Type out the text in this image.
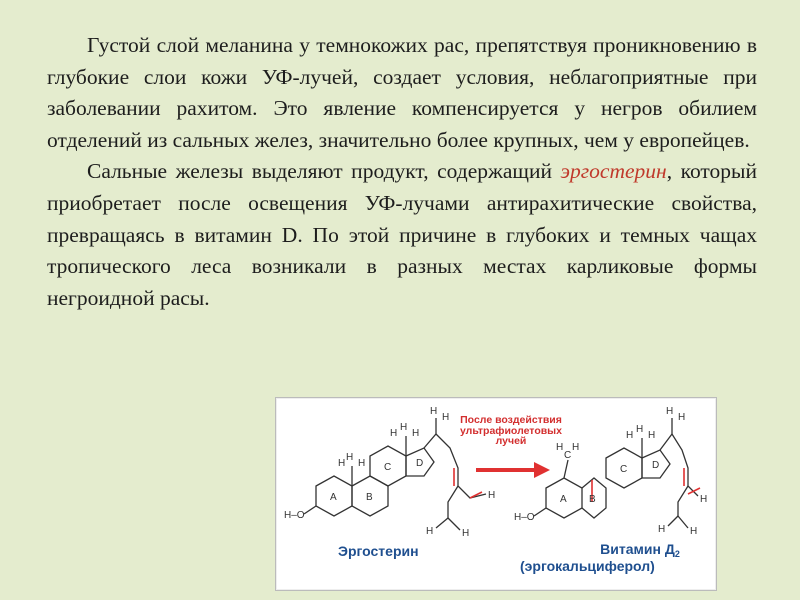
Густой слой меланина у темнокожих рас, препятствуя проникновению в глубокие слои кожи УФ-лучей, создает условия, неблагоприятные при заболевании рахитом. Это явление компенсируется у негров обилием отделений из сальных желез, значительно более крупных, чем у европейцев.

Сальные железы выделяют продукт, содержащий эргостерин, который приобретает после освещения УФ-лучами антирахитические свойства, превращаясь в витамин D. По этой причине в глубоких и темных чащах тропического леса возникали в разных местах карликовые формы негроидной расы.

A	B
C D
H–O
H
H H
H
H H
H
H
H	H
H	A B
C D
H–O
C
H H
H
H H
H
H
H H
H
После воздействия ультрафиолетовых лучей
Эргостерин	Витамин $Д_2$
(эргокальциферол)
